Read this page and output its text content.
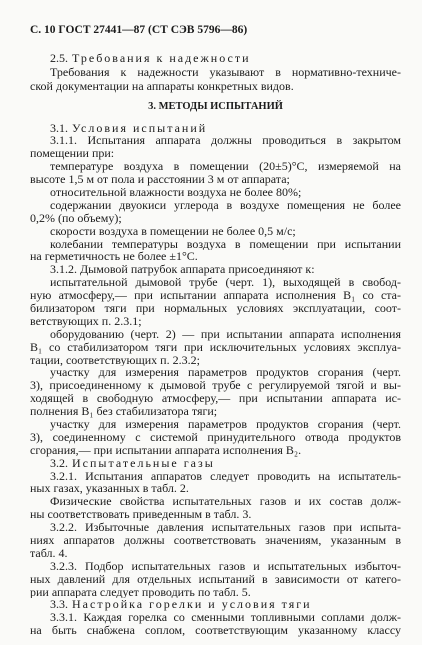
С. 10 ГОСТ 27441—87 (СТ СЭВ 5796—86)
2.5. Требования к надежности
Требования к надежности указывают в нормативно-техниче-
ской документации на аппараты конкретных видов.
3. МЕТОДЫ ИСПЫТАНИЙ
3.1. Условия испытаний
3.1.1. Испытания аппарата должны проводиться в закрытом
помещении при:
температуре воздуха в помещении (20±5)°С, измеряемой на
высоте 1,5 м от пола и расстоянии 3 м от аппарата;
относительной влажности воздуха не более 80%;
содержании двуокиси углерода в воздухе помещения не более
0,2% (по объему);
скорости воздуха в помещении не более 0,5 м/с;
колебании температуры воздуха в помещении при испытании
на герметичность не более ±1°С.
3.1.2. Дымовой патрубок аппарата присоединяют к:
испытательной дымовой трубе (черт. 1), выходящей в свобод-
ную атмосферу,— при испытании аппарата исполнения В₁ со ста-
билизатором тяги при нормальных условиях эксплуатации, соот-
ветствующих п. 2.3.1;
оборудованию (черт. 2) — при испытании аппарата исполнения
В₁ со стабилизатором тяги при исключительных условиях эксплуа-
тации, соответствующих п. 2.3.2;
участку для измерения параметров продуктов сгорания (черт.
3), присоединенному к дымовой трубе с регулируемой тягой и вы-
ходящей в свободную атмосферу,— при испытании аппарата ис-
полнения В₁ без стабилизатора тяги;
участку для измерения параметров продуктов сгорания (черт.
3), соединенному с системой принудительного отвода продуктов
сгорания,— при испытании аппарата исполнения В₂.
3.2. Испытательные газы
3.2.1. Испытания аппаратов следует проводить на испытатель-
ных газах, указанных в табл. 2.
Физические свойства испытательных газов и их состав долж-
ны соответствовать приведенным в табл. 3.
3.2.2. Избыточные давления испытательных газов при испыта-
ниях аппаратов должны соответствовать значениям, указанным в
табл. 4.
3.2.3. Подбор испытательных газов и испытательных избыточ-
ных давлений для отдельных испытаний в зависимости от катего-
рии аппарата следует проводить по табл. 5.
3.3. Настройка горелки и условия тяги
3.3.1. Каждая горелка со сменными топливными соплами долж-
на быть снабжена соплом, соответствующим указанному классу
